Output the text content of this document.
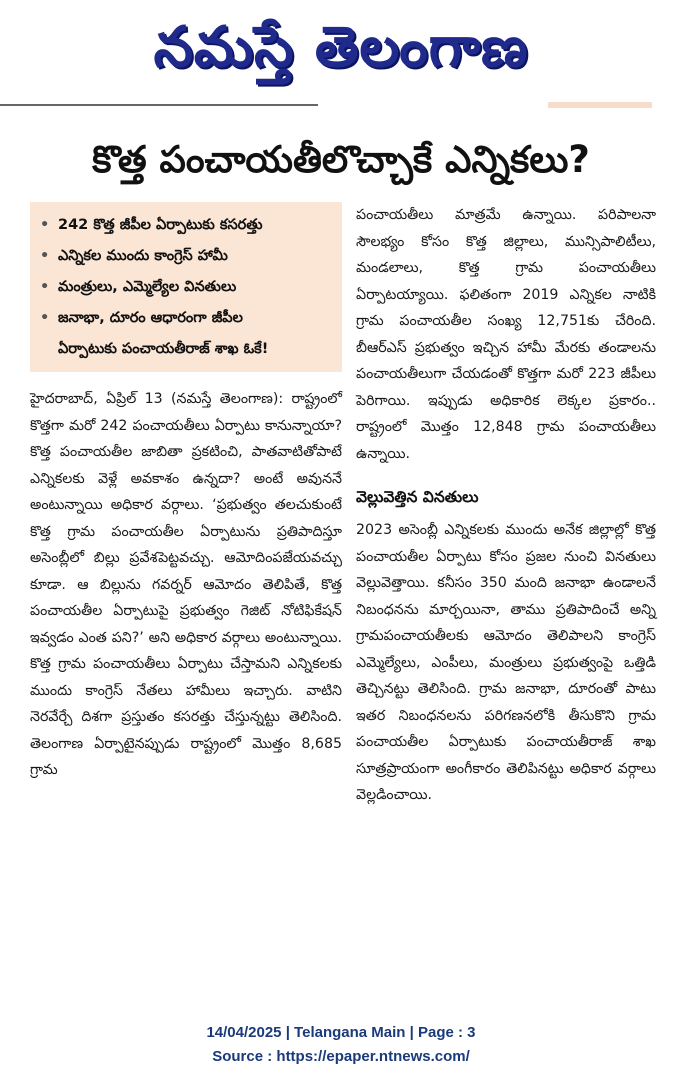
నమస్తే తెలంగాణ
కొత్త పంచాయతీలొచ్చాకే ఎన్నికలు?
• 242 కొత్త జీపీల ఏర్పాటుకు కసరత్తు
• ఎన్నికల ముందు కాంగ్రెస్ హామీ
• మంత్రులు, ఎమ్మెల్యేల వినతులు
• జనాభా, దూరం ఆధారంగా జీపీల
ఏర్పాటుకు పంచాయతీరాజ్ శాఖ ఓకే!

హైదరాబాద్, ఏప్రిల్ 13 (నమస్తే తెలంగాణ): రాష్ట్రంలో కొత్తగా మరో 242 పంచాయతీలు ఏర్పాటు కానున్నాయా? కొత్త పంచాయతీల జాబితా ప్రకటించి, పాతవాటితోపాటే ఎన్నికలకు వెళ్లే అవకాశం ఉన్నదా? అంటే అవుననే అంటున్నాయి అధికార వర్గాలు. ‘ప్రభుత్వం తలచుకుంటే కొత్త గ్రామ పంచాయతీల ఏర్పాటును ప్రతిపాదిస్తూ అసెంబ్లీలో బిల్లు ప్రవేశపెట్టవచ్చు. ఆమోదింపజేయవచ్చు కూడా. ఆ బిల్లును గవర్నర్ ఆమోదం తెలిపితే, కొత్త పంచాయతీల ఏర్పాటుపై ప్రభుత్వం గెజిట్ నోటిఫికేషన్ ఇవ్వడం ఎంత పని?’ అని అధికార వర్గాలు అంటున్నాయి. కొత్త గ్రామ పంచాయతీలు ఏర్పాటు చేస్తామని ఎన్నికలకు ముందు కాంగ్రెస్ నేతలు హామీలు ఇచ్చారు. వాటిని నెరవేర్చే దిశగా ప్రస్తుతం కసరత్తు చేస్తున్నట్టు తెలిసింది. తెలంగాణ ఏర్పాటైనప్పుడు రాష్ట్రంలో మొత్తం 8,685 గ్రామ

పంచాయతీలు మాత్రమే ఉన్నాయి. పరిపాలనా సౌలభ్యం కోసం కొత్త జిల్లాలు, మున్సిపాలిటీలు, మండలాలు, కొత్త గ్రామ పంచాయతీలు ఏర్పాటయ్యాయి. ఫలితంగా 2019 ఎన్నికల నాటికి గ్రామ పంచాయతీల సంఖ్య 12,751కు చేరింది. బీఆర్ఎస్ ప్రభుత్వం ఇచ్చిన హామీ మేరకు తండాలను పంచాయతీలుగా చేయడంతో కొత్తగా మరో 223 జీపీలు పెరిగాయి. ఇప్పుడు అధికారిక లెక్కల ప్రకారం.. రాష్ట్రంలో మొత్తం 12,848 గ్రామ పంచాయతీలు ఉన్నాయి.

వెల్లువెత్తిన వినతులు

2023 అసెంబ్లీ ఎన్నికలకు ముందు అనేక జిల్లాల్లో కొత్త పంచాయతీల ఏర్పాటు కోసం ప్రజల నుంచి వినతులు వెల్లువెత్తాయి. కనీసం 350 మంది జనాభా ఉండాలనే నిబంధనను మార్చయినా, తాము ప్రతిపాదించే అన్ని గ్రామపంచాయతీలకు ఆమోదం తెలిపాలని కాంగ్రెస్ ఎమ్మెల్యేలు, ఎంపీలు, మంత్రులు ప్రభుత్వంపై ఒత్తిడి తెచ్చినట్టు తెలిసింది. గ్రామ జనాభా, దూరంతో పాటు ఇతర నిబంధనలను పరిగణనలోకి తీసుకొని గ్రామ పంచాయతీల ఏర్పాటుకు పంచాయతీరాజ్ శాఖ సూత్రప్రాయంగా అంగీకారం తెలిపినట్టు అధికార వర్గాలు వెల్లడించాయి.

14/04/2025 | Telangana Main | Page : 3
Source : https://epaper.ntnews.com/
